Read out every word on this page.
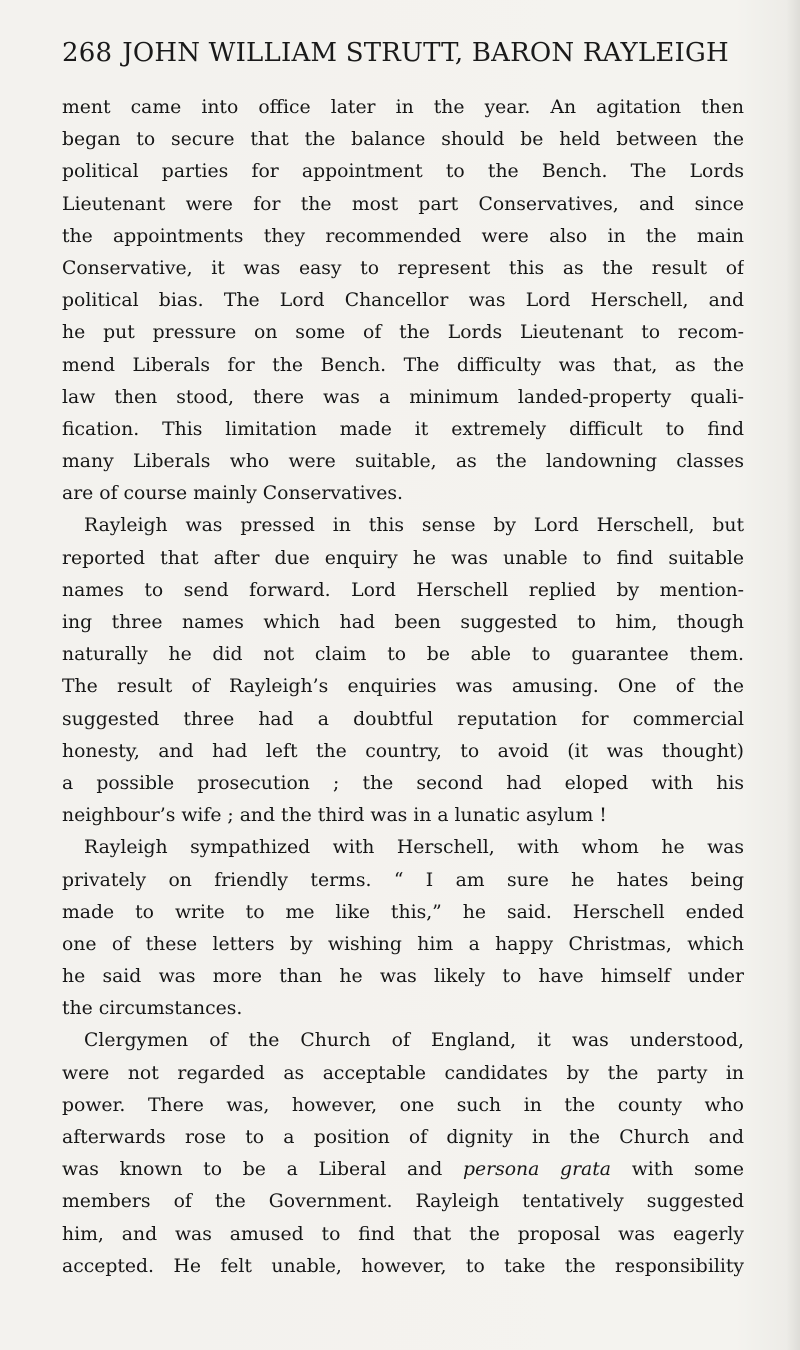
268 JOHN WILLIAM STRUTT, BARON RAYLEIGH
ment came into office later in the year. An agitation then
began to secure that the balance should be held between the
political parties for appointment to the Bench. The Lords
Lieutenant were for the most part Conservatives, and since
the appointments they recommended were also in the main
Conservative, it was easy to represent this as the result of
political bias. The Lord Chancellor was Lord Herschell, and
he put pressure on some of the Lords Lieutenant to recom-
mend Liberals for the Bench. The difficulty was that, as the
law then stood, there was a minimum landed-property quali-
fication. This limitation made it extremely difficult to find
many Liberals who were suitable, as the landowning classes
are of course mainly Conservatives.
Rayleigh was pressed in this sense by Lord Herschell, but
reported that after due enquiry he was unable to find suitable
names to send forward. Lord Herschell replied by mention-
ing three names which had been suggested to him, though
naturally he did not claim to be able to guarantee them.
The result of Rayleigh’s enquiries was amusing. One of the
suggested three had a doubtful reputation for commercial
honesty, and had left the country, to avoid (it was thought)
a possible prosecution ; the second had eloped with his
neighbour’s wife ; and the third was in a lunatic asylum !
Rayleigh sympathized with Herschell, with whom he was
privately on friendly terms. “ I am sure he hates being
made to write to me like this,” he said. Herschell ended
one of these letters by wishing him a happy Christmas, which
he said was more than he was likely to have himself under
the circumstances.
Clergymen of the Church of England, it was understood,
were not regarded as acceptable candidates by the party in
power. There was, however, one such in the county who
afterwards rose to a position of dignity in the Church and
was known to be a Liberal and persona grata with some
members of the Government. Rayleigh tentatively suggested
him, and was amused to find that the proposal was eagerly
accepted. He felt unable, however, to take the responsibility
